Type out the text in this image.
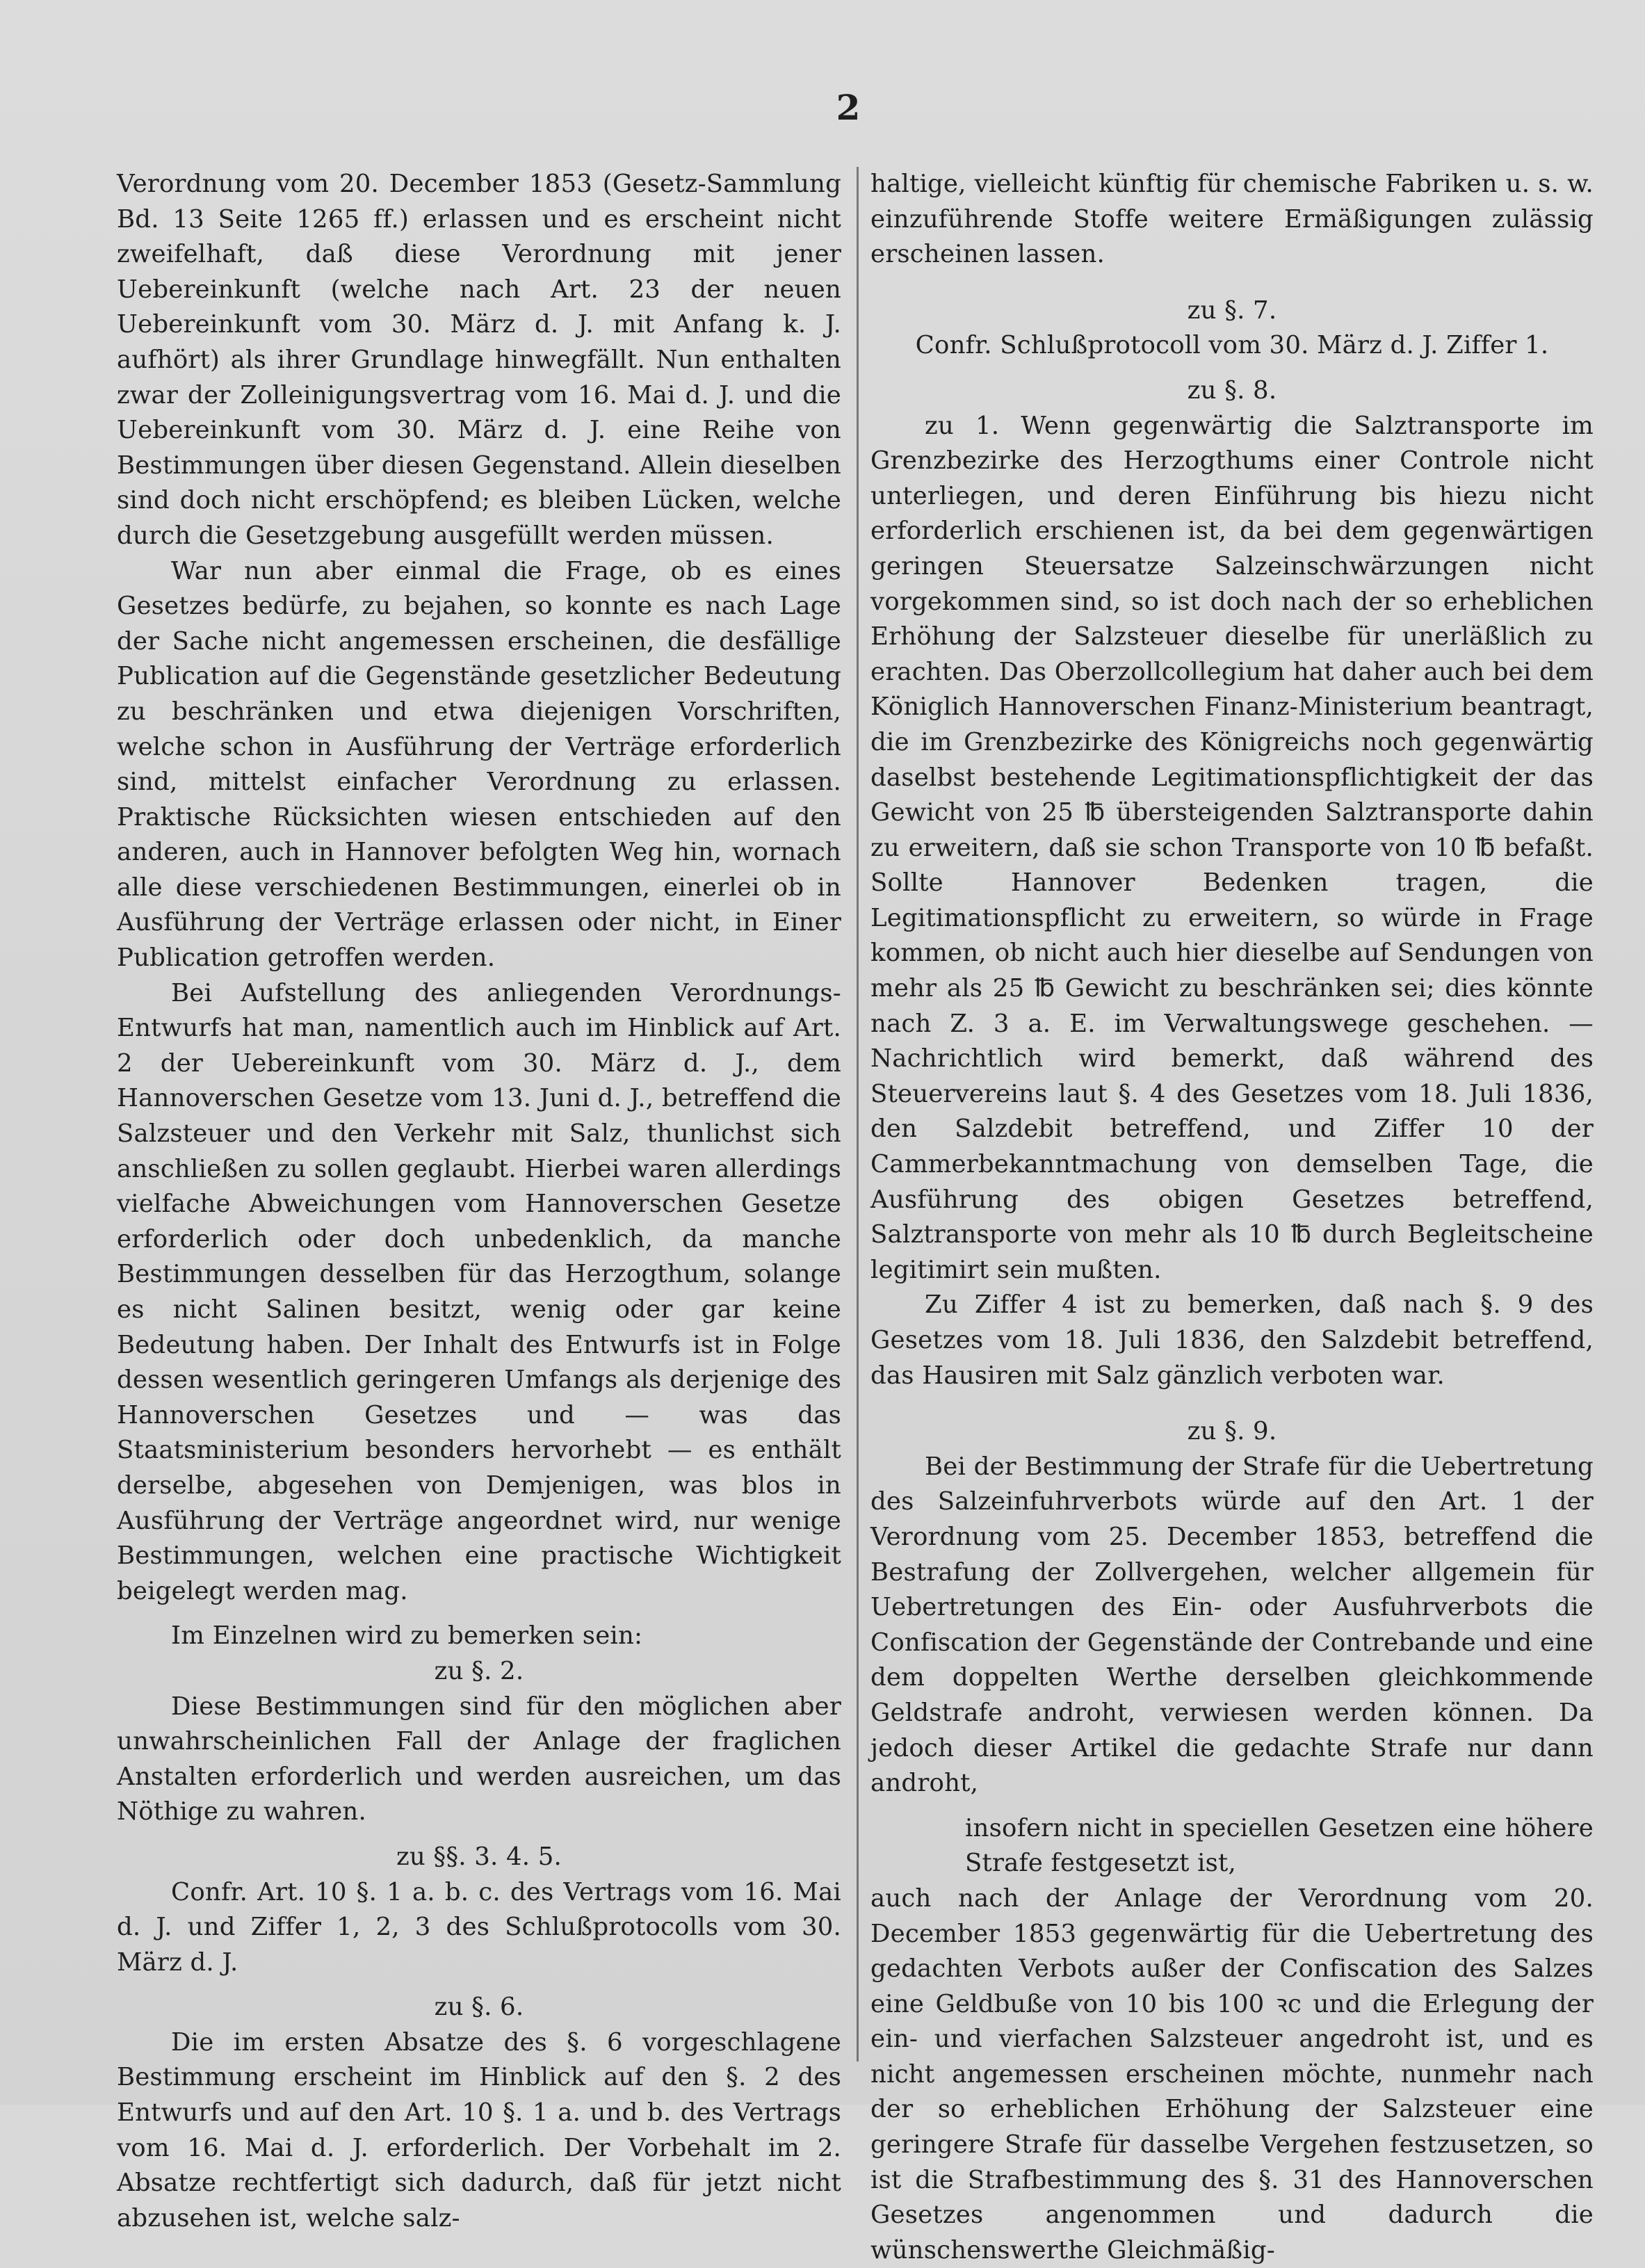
2

Verordnung vom 20. December 1853 (Gesetz-Sammlung Bd. 13 Seite 1265 ff.) erlassen und es erscheint nicht zweifelhaft, daß diese Verordnung mit jener Uebereinkunft (welche nach Art. 23 der neuen Uebereinkunft vom 30. März d. J. mit Anfang k. J. aufhört) als ihrer Grundlage hinwegfällt. Nun enthalten zwar der Zolleinigungsvertrag vom 16. Mai d. J. und die Uebereinkunft vom 30. März d. J. eine Reihe von Bestimmungen über diesen Gegenstand. Allein dieselben sind doch nicht erschöpfend; es bleiben Lücken, welche durch die Gesetzgebung ausgefüllt werden müssen.

War nun aber einmal die Frage, ob es eines Gesetzes bedürfe, zu bejahen, so konnte es nach Lage der Sache nicht angemessen erscheinen, die desfällige Publication auf die Gegenstände gesetzlicher Bedeutung zu beschränken und etwa diejenigen Vorschriften, welche schon in Ausführung der Verträge erforderlich sind, mittelst einfacher Verordnung zu erlassen. Praktische Rücksichten wiesen entschieden auf den anderen, auch in Hannover befolgten Weg hin, wornach alle diese verschiedenen Bestimmungen, einerlei ob in Ausführung der Verträge erlassen oder nicht, in Einer Publication getroffen werden.

Bei Aufstellung des anliegenden Verordnungs-Entwurfs hat man, namentlich auch im Hinblick auf Art. 2 der Uebereinkunft vom 30. März d. J., dem Hannoverschen Gesetze vom 13. Juni d. J., betreffend die Salzsteuer und den Verkehr mit Salz, thunlichst sich anschließen zu sollen geglaubt. Hierbei waren allerdings vielfache Abweichungen vom Hannoverschen Gesetze erforderlich oder doch unbedenklich, da manche Bestimmungen desselben für das Herzogthum, solange es nicht Salinen besitzt, wenig oder gar keine Bedeutung haben. Der Inhalt des Entwurfs ist in Folge dessen wesentlich geringeren Umfangs als derjenige des Hannoverschen Gesetzes und — was das Staatsministerium besonders hervorhebt — es enthält derselbe, abgesehen von Demjenigen, was blos in Ausführung der Verträge angeordnet wird, nur wenige Bestimmungen, welchen eine practische Wichtigkeit beigelegt werden mag.

Im Einzelnen wird zu bemerken sein:

zu §. 2.

Diese Bestimmungen sind für den möglichen aber unwahrscheinlichen Fall der Anlage der fraglichen Anstalten erforderlich und werden ausreichen, um das Nöthige zu wahren.

zu §§. 3. 4. 5.

Confr. Art. 10 §. 1 a. b. c. des Vertrags vom 16. Mai d. J. und Ziffer 1, 2, 3 des Schlußprotocolls vom 30. März d. J.

zu §. 6.

Die im ersten Absatze des §. 6 vorgeschlagene Bestimmung erscheint im Hinblick auf den §. 2 des Entwurfs und auf den Art. 10 §. 1 a. und b. des Vertrags vom 16. Mai d. J. erforderlich. Der Vorbehalt im 2. Absatze rechtfertigt sich dadurch, daß für jetzt nicht abzusehen ist, welche salz-

haltige, vielleicht künftig für chemische Fabriken u. s. w. einzuführende Stoffe weitere Ermäßigungen zulässig erscheinen lassen.

zu §. 7.

Confr. Schlußprotocoll vom 30. März d. J. Ziffer 1.

zu §. 8.

zu 1. Wenn gegenwärtig die Salztransporte im Grenzbezirke des Herzogthums einer Controle nicht unterliegen, und deren Einführung bis hiezu nicht erforderlich erschienen ist, da bei dem gegenwärtigen geringen Steuersatze Salzeinschwärzungen nicht vorgekommen sind, so ist doch nach der so erheblichen Erhöhung der Salzsteuer dieselbe für unerläßlich zu erachten. Das Oberzollcollegium hat daher auch bei dem Königlich Hannoverschen Finanz-Ministerium beantragt, die im Grenzbezirke des Königreichs noch gegenwärtig daselbst bestehende Legitimationspflichtigkeit der das Gewicht von 25 ℔ übersteigenden Salztransporte dahin zu erweitern, daß sie schon Transporte von 10 ℔ befaßt. Sollte Hannover Bedenken tragen, die Legitimationspflicht zu erweitern, so würde in Frage kommen, ob nicht auch hier dieselbe auf Sendungen von mehr als 25 ℔ Gewicht zu beschränken sei; dies könnte nach Z. 3 a. E. im Verwaltungswege geschehen. — Nachrichtlich wird bemerkt, daß während des Steuervereins laut §. 4 des Gesetzes vom 18. Juli 1836, den Salzdebit betreffend, und Ziffer 10 der Cammerbekanntmachung von demselben Tage, die Ausführung des obigen Gesetzes betreffend, Salztransporte von mehr als 10 ℔ durch Begleitscheine legitimirt sein mußten.

Zu Ziffer 4 ist zu bemerken, daß nach §. 9 des Gesetzes vom 18. Juli 1836, den Salzdebit betreffend, das Hausiren mit Salz gänzlich verboten war.

zu §. 9.

Bei der Bestimmung der Strafe für die Uebertretung des Salzeinfuhrverbots würde auf den Art. 1 der Verordnung vom 25. December 1853, betreffend die Bestrafung der Zollvergehen, welcher allgemein für Uebertretungen des Ein- oder Ausfuhrverbots die Confiscation der Gegenstände der Contrebande und eine dem doppelten Werthe derselben gleichkommende Geldstrafe androht, verwiesen werden können. Da jedoch dieser Artikel die gedachte Strafe nur dann androht,

insofern nicht in speciellen Gesetzen eine höhere Strafe festgesetzt ist,

auch nach der Anlage der Verordnung vom 20. December 1853 gegenwärtig für die Uebertretung des gedachten Verbots außer der Confiscation des Salzes eine Geldbuße von 10 bis 100 ꝛc und die Erlegung der ein- und vierfachen Salzsteuer angedroht ist, und es nicht angemessen erscheinen möchte, nunmehr nach der so erheblichen Erhöhung der Salzsteuer eine geringere Strafe für dasselbe Vergehen festzusetzen, so ist die Strafbestimmung des §. 31 des Hannoverschen Gesetzes angenommen und dadurch die wünschenswerthe Gleichmäßig-
